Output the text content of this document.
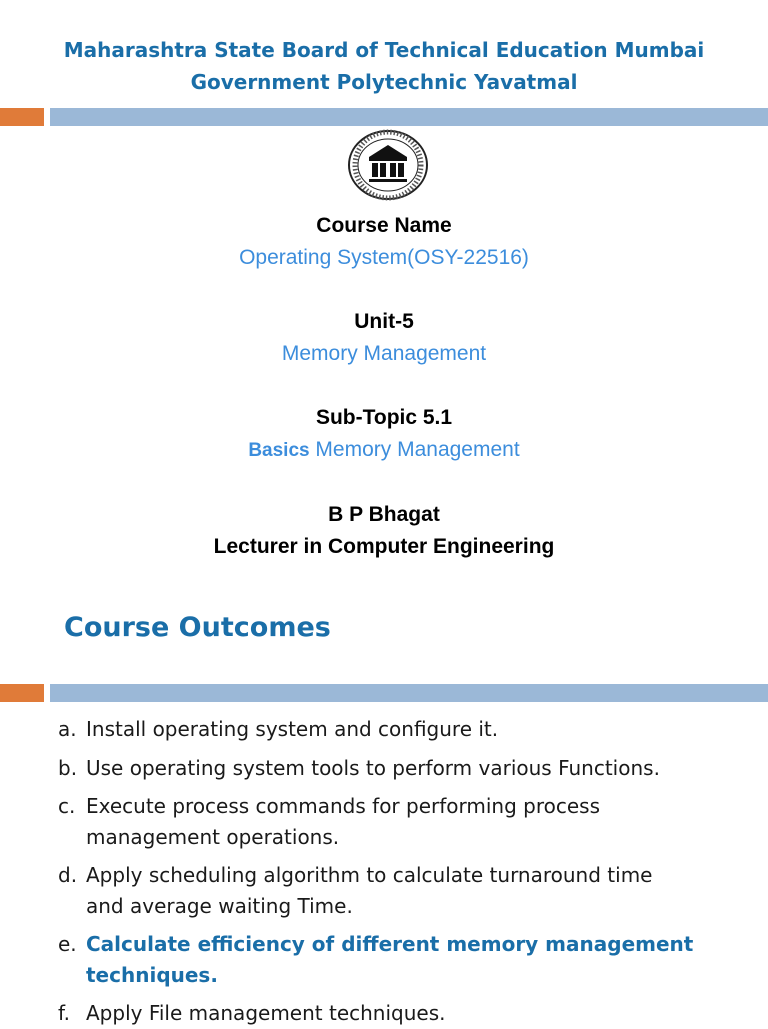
Maharashtra State Board of Technical Education Mumbai
Government Polytechnic Yavatmal
Course Name
Operating System(OSY-22516)
Unit-5
Memory Management
Sub-Topic 5.1
Basics Memory Management
B P Bhagat
Lecturer in Computer Engineering
Course Outcomes
a. Install operating system and configure it.
b. Use operating system tools to perform various Functions.
c. Execute process commands for performing process
management operations.
d. Apply scheduling algorithm to calculate turnaround time
and average waiting Time.
e. Calculate efficiency of different memory management
techniques.
f. Apply File management techniques.
